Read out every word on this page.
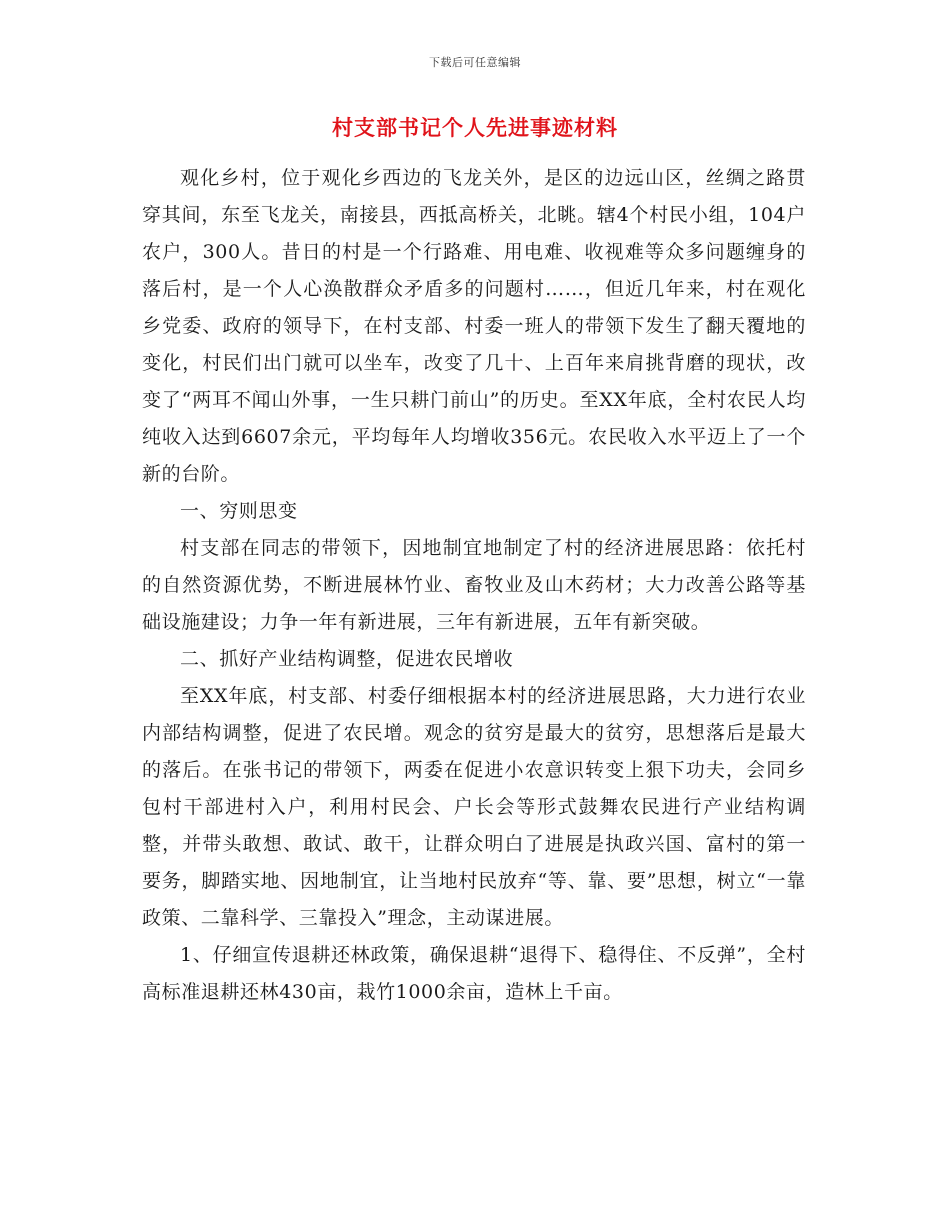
下载后可任意编辑
村支部书记个人先进事迹材料

观化乡村，位于观化乡西边的飞龙关外，是区的边远山区，丝绸之路贯穿其间，东至飞龙关，南接县，西抵高桥关，北眺。辖4个村民小组，104户农户，300人。昔日的村是一个行路难、用电难、收视难等众多问题缠身的落后村，是一个人心涣散群众矛盾多的问题村……，但近几年来，村在观化乡党委、政府的领导下，在村支部、村委一班人的带领下发生了翻天覆地的变化，村民们出门就可以坐车，改变了几十、上百年来肩挑背磨的现状，改变了“两耳不闻山外事，一生只耕门前山”的历史。至XX年底，全村农民人均纯收入达到6607余元，平均每年人均增收356元。农民收入水平迈上了一个新的台阶。

一、穷则思变

村支部在同志的带领下，因地制宜地制定了村的经济进展思路：依托村的自然资源优势，不断进展林竹业、畜牧业及山木药材；大力改善公路等基础设施建设；力争一年有新进展，三年有新进展，五年有新突破。

二、抓好产业结构调整，促进农民增收

至XX年底，村支部、村委仔细根据本村的经济进展思路，大力进行农业内部结构调整，促进了农民增。观念的贫穷是最大的贫穷，思想落后是最大的落后。在张书记的带领下，两委在促进小农意识转变上狠下功夫，会同乡包村干部进村入户，利用村民会、户长会等形式鼓舞农民进行产业结构调整，并带头敢想、敢试、敢干，让群众明白了进展是执政兴国、富村的第一要务，脚踏实地、因地制宜，让当地村民放弃“等、靠、要”思想，树立“一靠政策、二靠科学、三靠投入”理念，主动谋进展。

1、仔细宣传退耕还林政策，确保退耕“退得下、稳得住、不反弹”，全村高标准退耕还林430亩，栽竹1000余亩，造林上千亩。
